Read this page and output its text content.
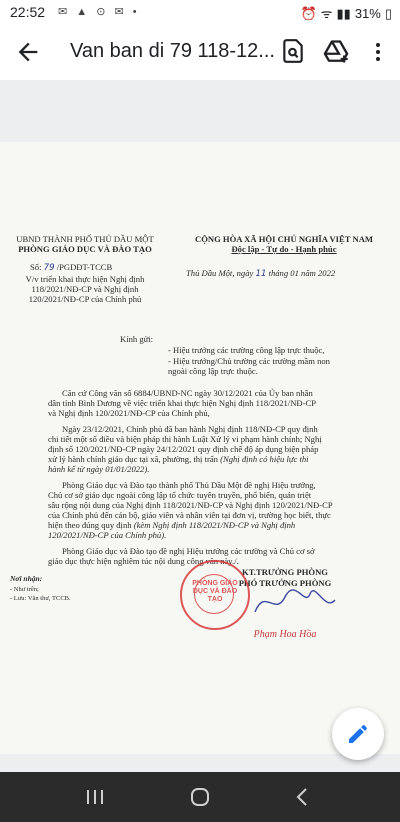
22:52 ✉ ▲ ⊙ ✉ •	⏰ ᯤ ▮▮ 31% ▯
Van ban di 79 118-12...
UBND THÀNH PHỐ THỦ DẦU MỘT
PHÒNG GIÁO DỤC VÀ ĐÀO TẠO
Số: 79 /PGDĐT-TCCB
V/v triển khai thực hiện Nghị định
118/2021/NĐ-CP và Nghị định
120/2021/NĐ-CP của Chính phủ
CỘNG HÒA XÃ HỘI CHỦ NGHĨA VIỆT NAM
Độc lập - Tự do - Hạnh phúc
Thủ Dầu Một, ngày 11 tháng 01 năm 2022
Kính gửi:
- Hiệu trưởng các trường công lập trực thuộc,
- Hiệu trưởng/Chủ trường các trường mầm non
ngoài công lập trực thuộc.
Căn cứ Công văn số 6884/UBND-NC ngày 30/12/2021 của Ủy ban nhân
dân tỉnh Bình Dương về việc triển khai thực hiện Nghị định 118/2021/NĐ-CP
và Nghị định 120/2021/NĐ-CP của Chính phủ,
Ngày 23/12/2021, Chính phủ đã ban hành Nghị định 118/NĐ-CP quy định
chi tiết một số điều và biện pháp thi hành Luật Xử lý vi phạm hành chính; Nghị
định số 120/2021/NĐ-CP ngày 24/12/2021 quy định chế độ áp dụng biện pháp
xử lý hành chính giáo dục tại xã, phường, thị trấn (Nghị định có hiệu lực thi
hành kể từ ngày 01/01/2022).
Phòng Giáo dục và Đào tạo thành phố Thủ Dầu Một đề nghị Hiệu trưởng,
Chủ cơ sở giáo dục ngoài công lập tổ chức tuyên truyền, phổ biến, quán triệt
sâu rộng nội dung của Nghị định 118/2021/NĐ-CP và Nghị định 120/2021/NĐ-CP
của Chính phủ đến cán bộ, giáo viên và nhân viên tại đơn vị, trường học biết, thực
hiện theo đúng quy định (kèm Nghị định 118/2021/NĐ-CP và Nghị định
120/2021/NĐ-CP của Chính phủ).
Phòng Giáo dục và Đào tạo đề nghị Hiệu trưởng các trường và Chủ cơ sở
giáo dục thực hiện nghiêm túc nội dung công văn này./.
Nơi nhận:
- Như trên;
- Lưu: Văn thư, TCCB.
KT.TRƯỞNG PHÒNG
PHÓ TRƯỞNG PHÒNG
PHÒNG GIÁO DỤC VÀ ĐÀO TẠO
Phạm Hoa Hồa
